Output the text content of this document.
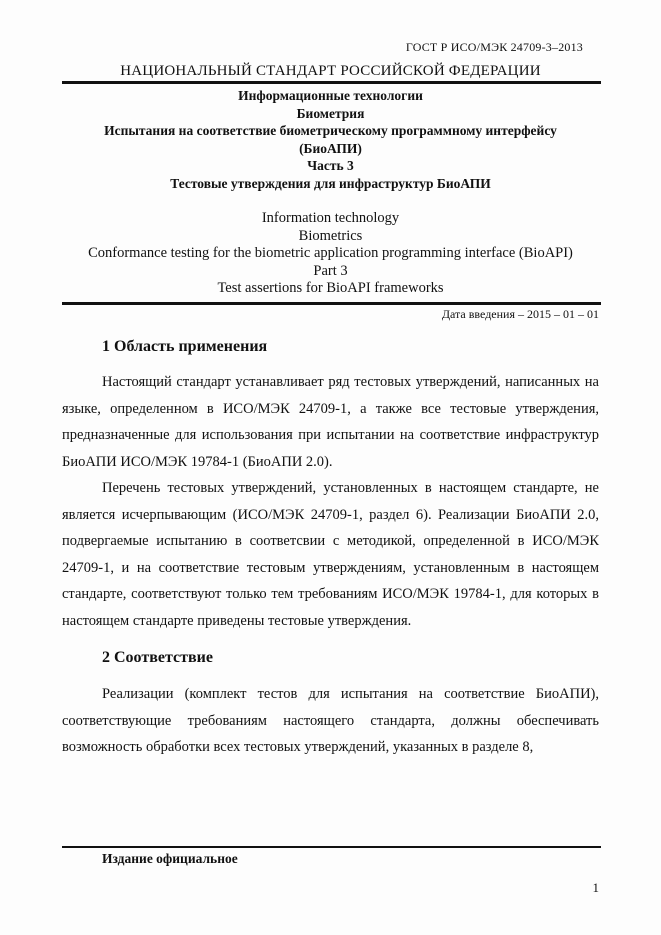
ГОСТ Р ИСО/МЭК 24709-3–2013
НАЦИОНАЛЬНЫЙ СТАНДАРТ РОССИЙСКОЙ ФЕДЕРАЦИИ
Информационные технологии
Биометрия
Испытания на соответствие биометрическому программному интерфейсу
(БиоАПИ)
Часть 3
Тестовые утверждения для инфраструктур БиоАПИ
Information technology
Biometrics
Conformance testing for the biometric application programming interface (BioAPI)
Part 3
Test assertions for BioAPI frameworks
Дата введения – 2015 – 01 – 01
1 Область применения

Настоящий стандарт устанавливает ряд тестовых утверждений, написанных на языке, определенном в ИСО/МЭК 24709-1, а также все тестовые утверждения, предназначенные для использования при испытании на соответствие инфраструктур БиоАПИ ИСО/МЭК 19784-1 (БиоАПИ 2.0).

Перечень тестовых утверждений, установленных в настоящем стандарте, не является исчерпывающим (ИСО/МЭК 24709-1, раздел 6). Реализации БиоАПИ 2.0, подвергаемые испытанию в соответсвии с методикой, определенной в ИСО/МЭК 24709-1, и на соответствие тестовым утверждениям, установленным в настоящем стандарте, соответствуют только тем требованиям ИСО/МЭК 19784-1, для которых в настоящем стандарте приведены тестовые утверждения.

2 Соответствие

Реализации (комплект тестов для испытания на соответствие БиоАПИ), соответствующие требованиям настоящего стандарта, должны обеспечивать возможность обработки всех тестовых утверждений, указанных в разделе 8,

Издание официальное
1
